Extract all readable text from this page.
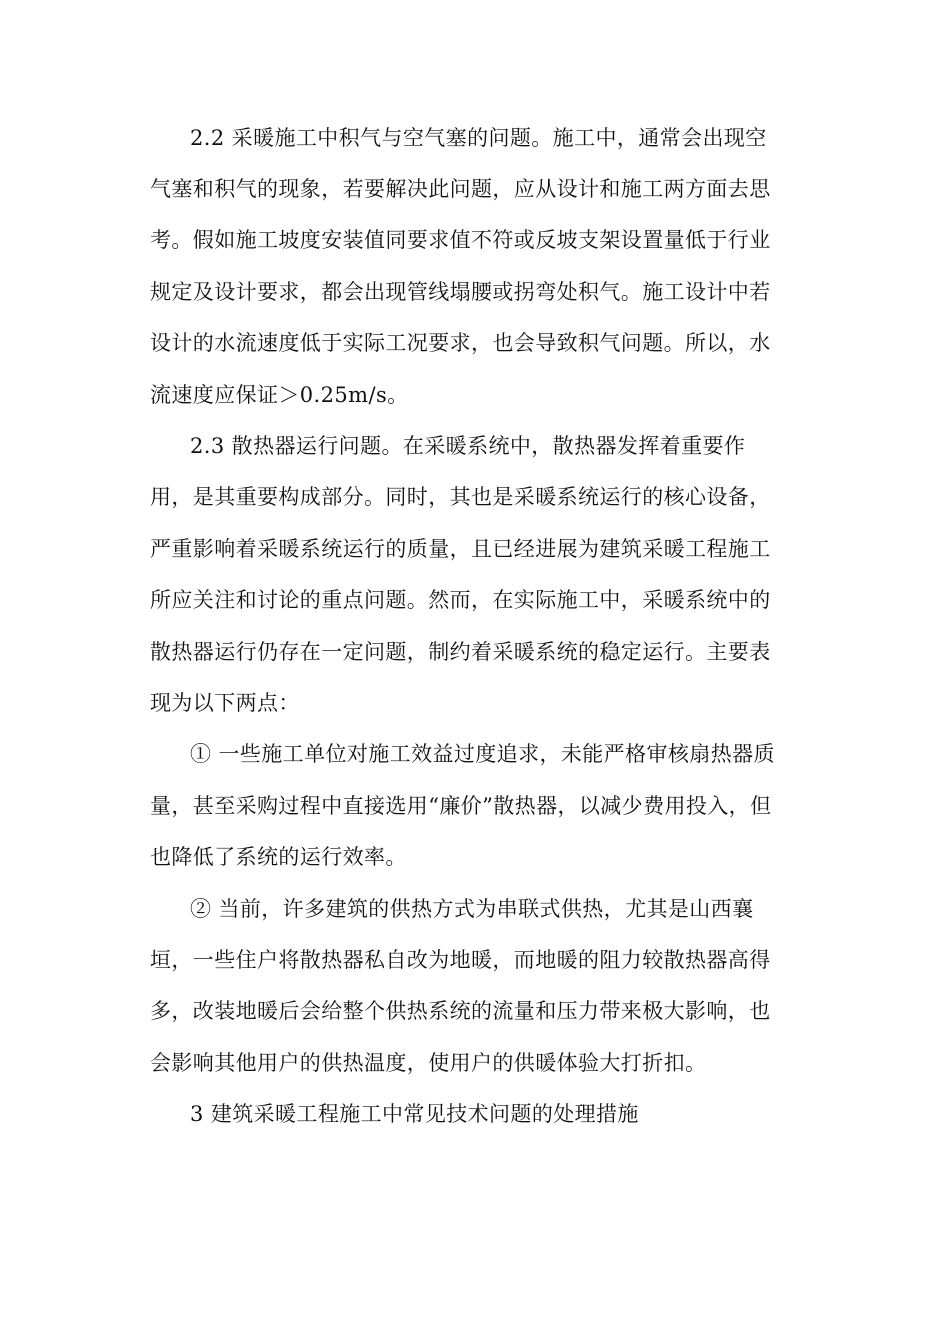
2.2 采暖施工中积气与空气塞的问题。施工中，通常会出现空
气塞和积气的现象，若要解决此问题，应从设计和施工两方面去思
考。假如施工坡度安装值同要求值不符或反坡支架设置量低于行业
规定及设计要求，都会出现管线塌腰或拐弯处积气。施工设计中若
设计的水流速度低于实际工况要求，也会导致积气问题。所以，水
流速度应保证＞0.25m/s。
2.3 散热器运行问题。在采暖系统中，散热器发挥着重要作
用，是其重要构成部分。同时，其也是采暖系统运行的核心设备，
严重影响着采暖系统运行的质量，且已经进展为建筑采暖工程施工
所应关注和讨论的重点问题。然而，在实际施工中，采暖系统中的
散热器运行仍存在一定问题，制约着采暖系统的稳定运行。主要表
现为以下两点：
① 一些施工单位对施工效益过度追求，未能严格审核扇热器质
量，甚至采购过程中直接选用“廉价”散热器，以减少费用投入，但
也降低了系统的运行效率。
② 当前，许多建筑的供热方式为串联式供热，尤其是山西襄
垣，一些住户将散热器私自改为地暖，而地暖的阻力较散热器高得
多，改装地暖后会给整个供热系统的流量和压力带来极大影响，也
会影响其他用户的供热温度，使用户的供暖体验大打折扣。
3 建筑采暖工程施工中常见技术问题的处理措施
